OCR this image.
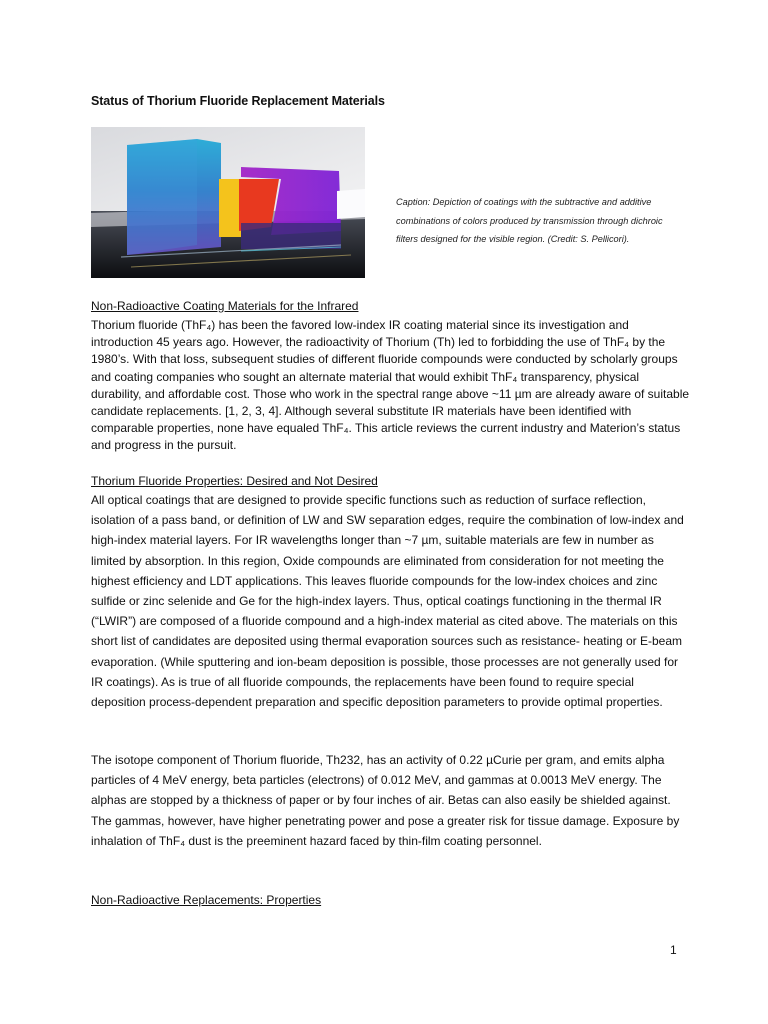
Status of Thorium Fluoride Replacement Materials
Caption: Depiction of coatings with the subtractive and additive combinations of colors produced by transmission through dichroic filters designed for the visible region. (Credit: S. Pellicori).
Non-Radioactive Coating Materials for the Infrared

Thorium fluoride (ThF₄) has been the favored low-index IR coating material since its investigation and introduction 45 years ago. However, the radioactivity of Thorium (Th) led to forbidding the use of ThF₄ by the 1980’s. With that loss, subsequent studies of different fluoride compounds were conducted by scholarly groups and coating companies who sought an alternate material that would exhibit ThF₄ transparency, physical durability, and affordable cost. Those who work in the spectral range above ~11 µm are already aware of suitable candidate replacements. [1, 2, 3, 4]. Although several substitute IR materials have been identified with comparable properties, none have equaled ThF₄. This article reviews the current industry and Materion’s status and progress in the pursuit.

Thorium Fluoride Properties: Desired and Not Desired

All optical coatings that are designed to provide specific functions such as reduction of surface reflection, isolation of a pass band, or definition of LW and SW separation edges, require the combination of low-index and high-index material layers. For IR wavelengths longer than ~7 µm, suitable materials are few in number as limited by absorption. In this region, Oxide compounds are eliminated from consideration for not meeting the highest efficiency and LDT applications. This leaves fluoride compounds for the low-index choices and zinc sulfide or zinc selenide and Ge for the high-index layers. Thus, optical coatings functioning in the thermal IR (“LWIR”) are composed of a fluoride compound and a high-index material as cited above. The materials on this short list of candidates are deposited using thermal evaporation sources such as resistance- heating or E-beam evaporation. (While sputtering and ion-beam deposition is possible, those processes are not generally used for IR coatings). As is true of all fluoride compounds, the replacements have been found to require special deposition process-dependent preparation and specific deposition parameters to provide optimal properties.

The isotope component of Thorium fluoride, Th232, has an activity of 0.22 µCurie per gram, and emits alpha particles of 4 MeV energy, beta particles (electrons) of 0.012 MeV, and gammas at 0.0013 MeV energy. The alphas are stopped by a thickness of paper or by four inches of air. Betas can also easily be shielded against. The gammas, however, have higher penetrating power and pose a greater risk for tissue damage. Exposure by inhalation of ThF₄ dust is the preeminent hazard faced by thin-film coating personnel.

Non-Radioactive Replacements: Properties
1
